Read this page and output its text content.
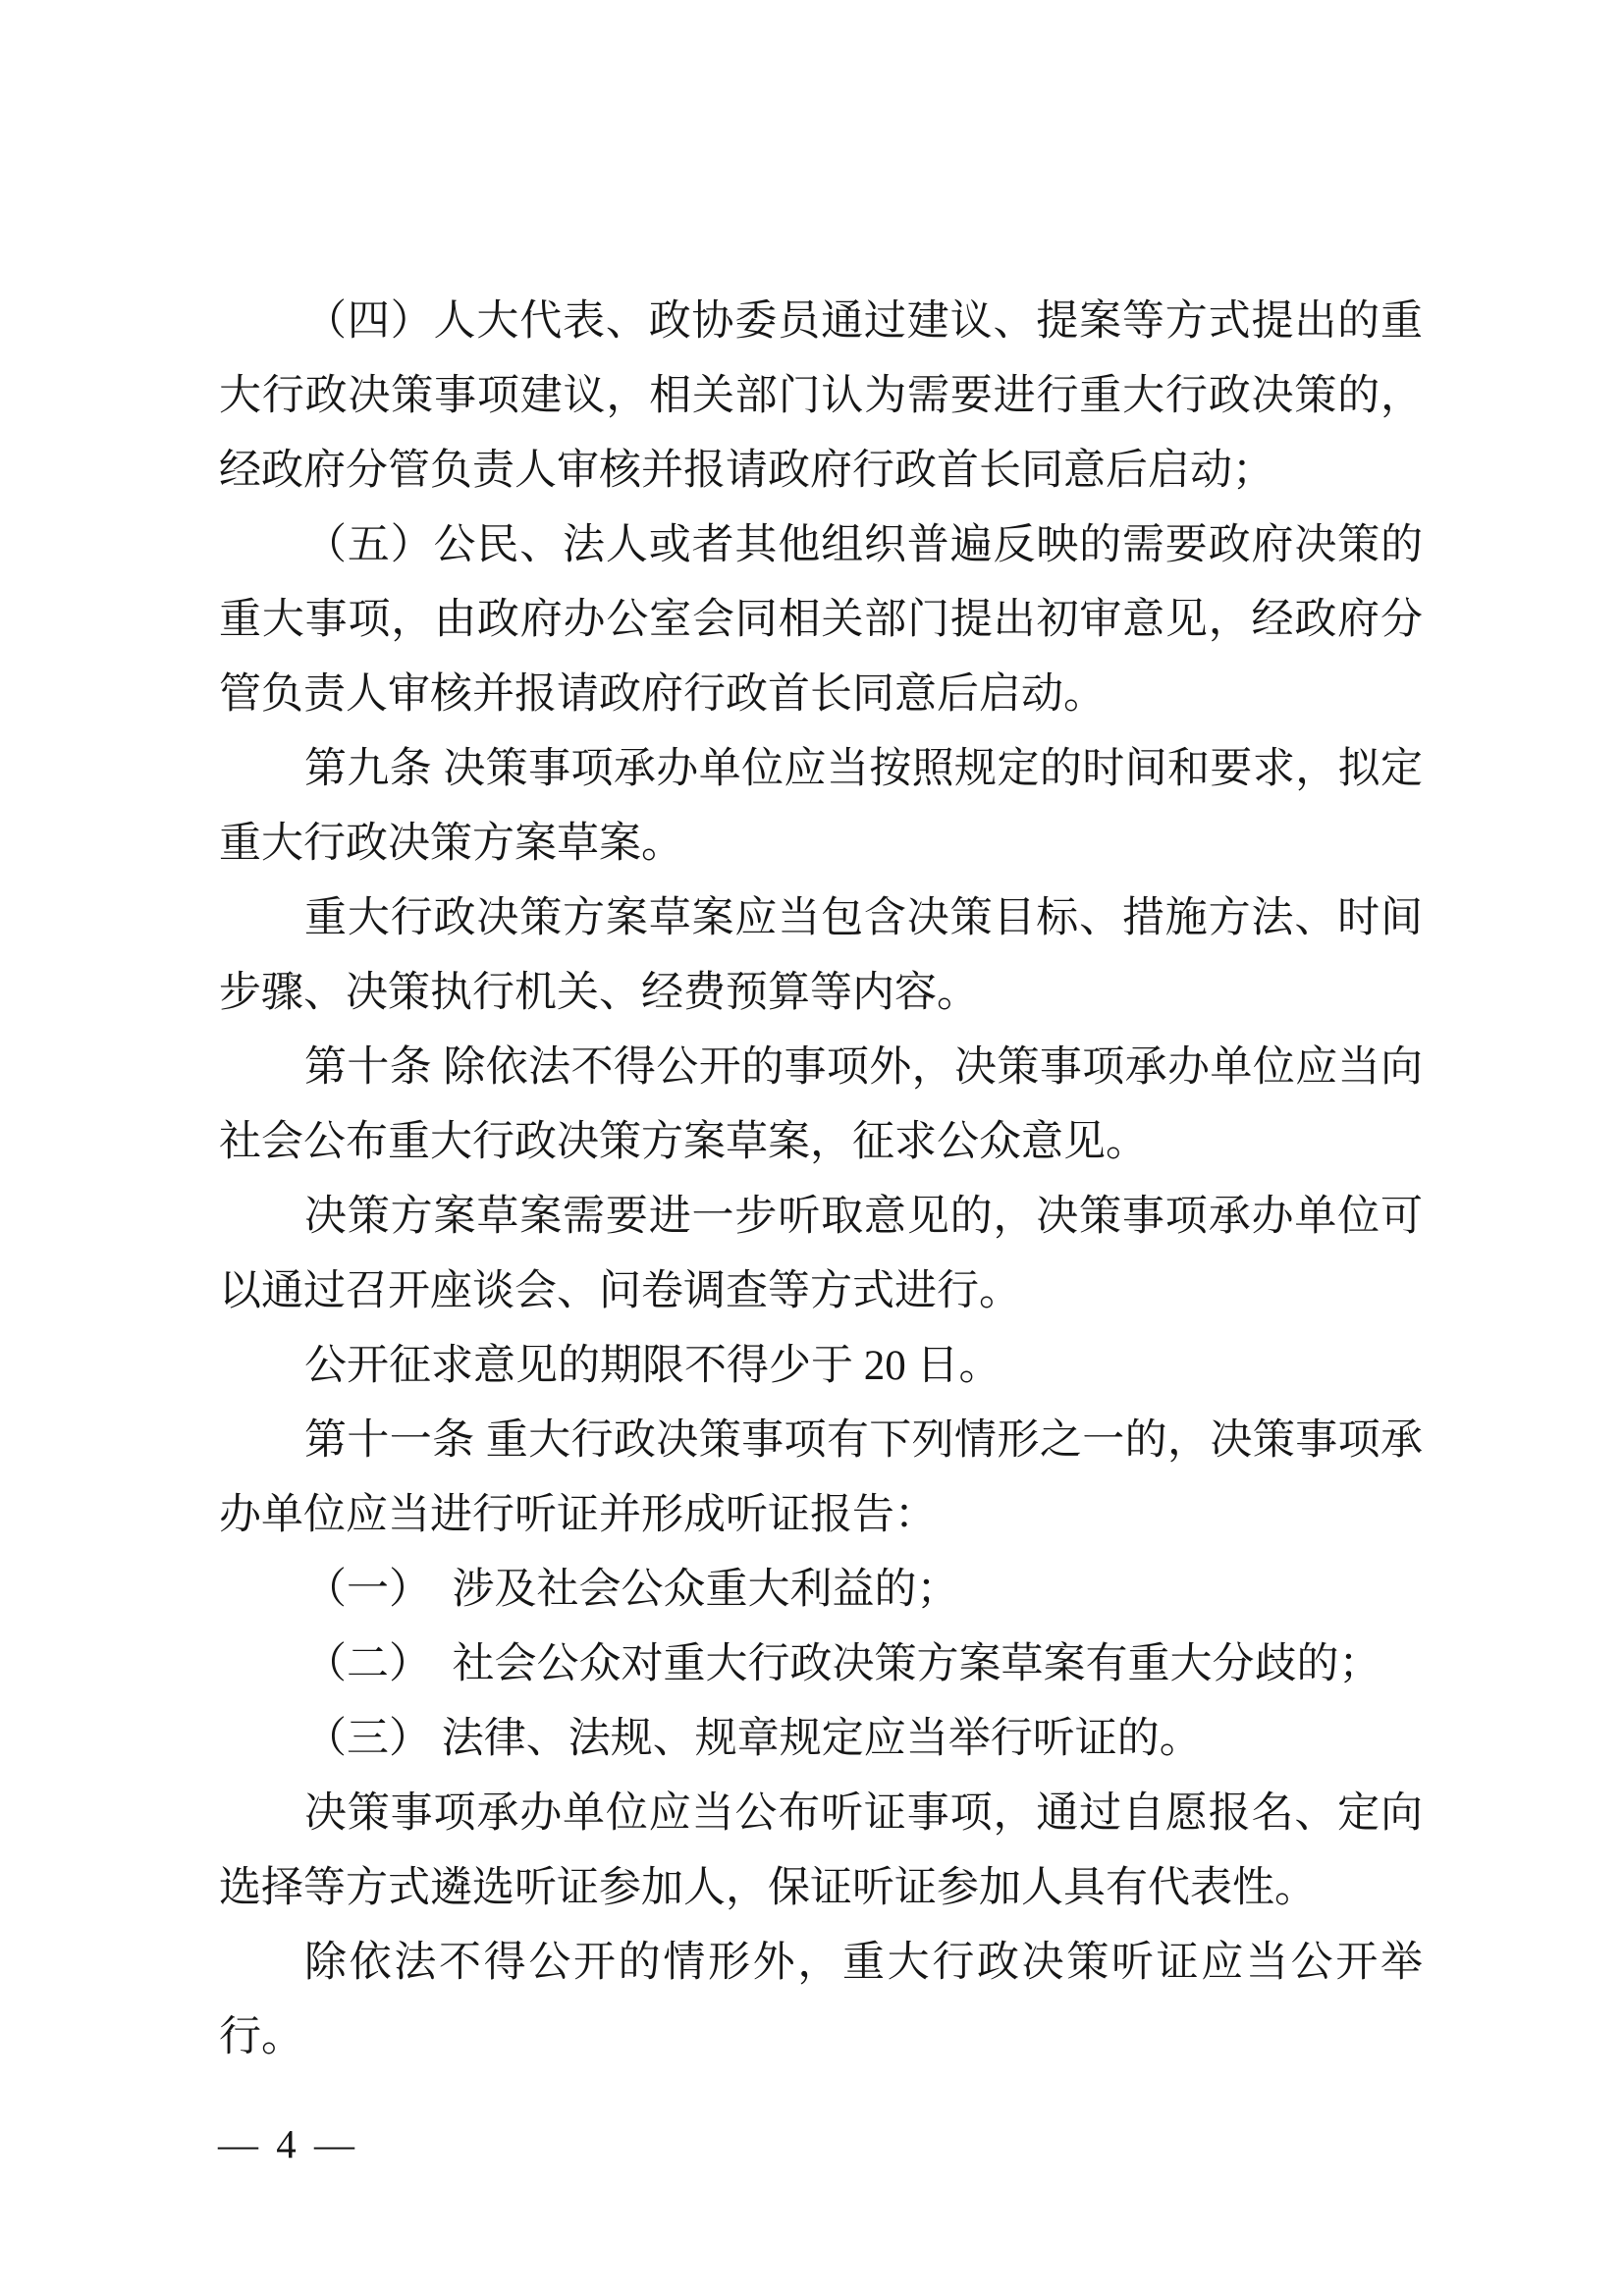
（四）人大代表、政协委员通过建议、提案等方式提出的重大行政决策事项建议，相关部门认为需要进行重大行政决策的，经政府分管负责人审核并报请政府行政首长同意后启动；

（五）公民、法人或者其他组织普遍反映的需要政府决策的重大事项，由政府办公室会同相关部门提出初审意见，经政府分管负责人审核并报请政府行政首长同意后启动。

第九条 决策事项承办单位应当按照规定的时间和要求，拟定重大行政决策方案草案。

重大行政决策方案草案应当包含决策目标、措施方法、时间步骤、决策执行机关、经费预算等内容。

第十条 除依法不得公开的事项外，决策事项承办单位应当向社会公布重大行政决策方案草案，征求公众意见。

决策方案草案需要进一步听取意见的，决策事项承办单位可以通过召开座谈会、问卷调查等方式进行。

公开征求意见的期限不得少于 20 日。

第十一条 重大行政决策事项有下列情形之一的，决策事项承办单位应当进行听证并形成听证报告：

（一）　涉及社会公众重大利益的；

（二）　社会公众对重大行政决策方案草案有重大分歧的；

（三） 法律、法规、规章规定应当举行听证的。

决策事项承办单位应当公布听证事项，通过自愿报名、定向选择等方式遴选听证参加人，保证听证参加人具有代表性。

除依法不得公开的情形外，重大行政决策听证应当公开举行。

— 4 —
